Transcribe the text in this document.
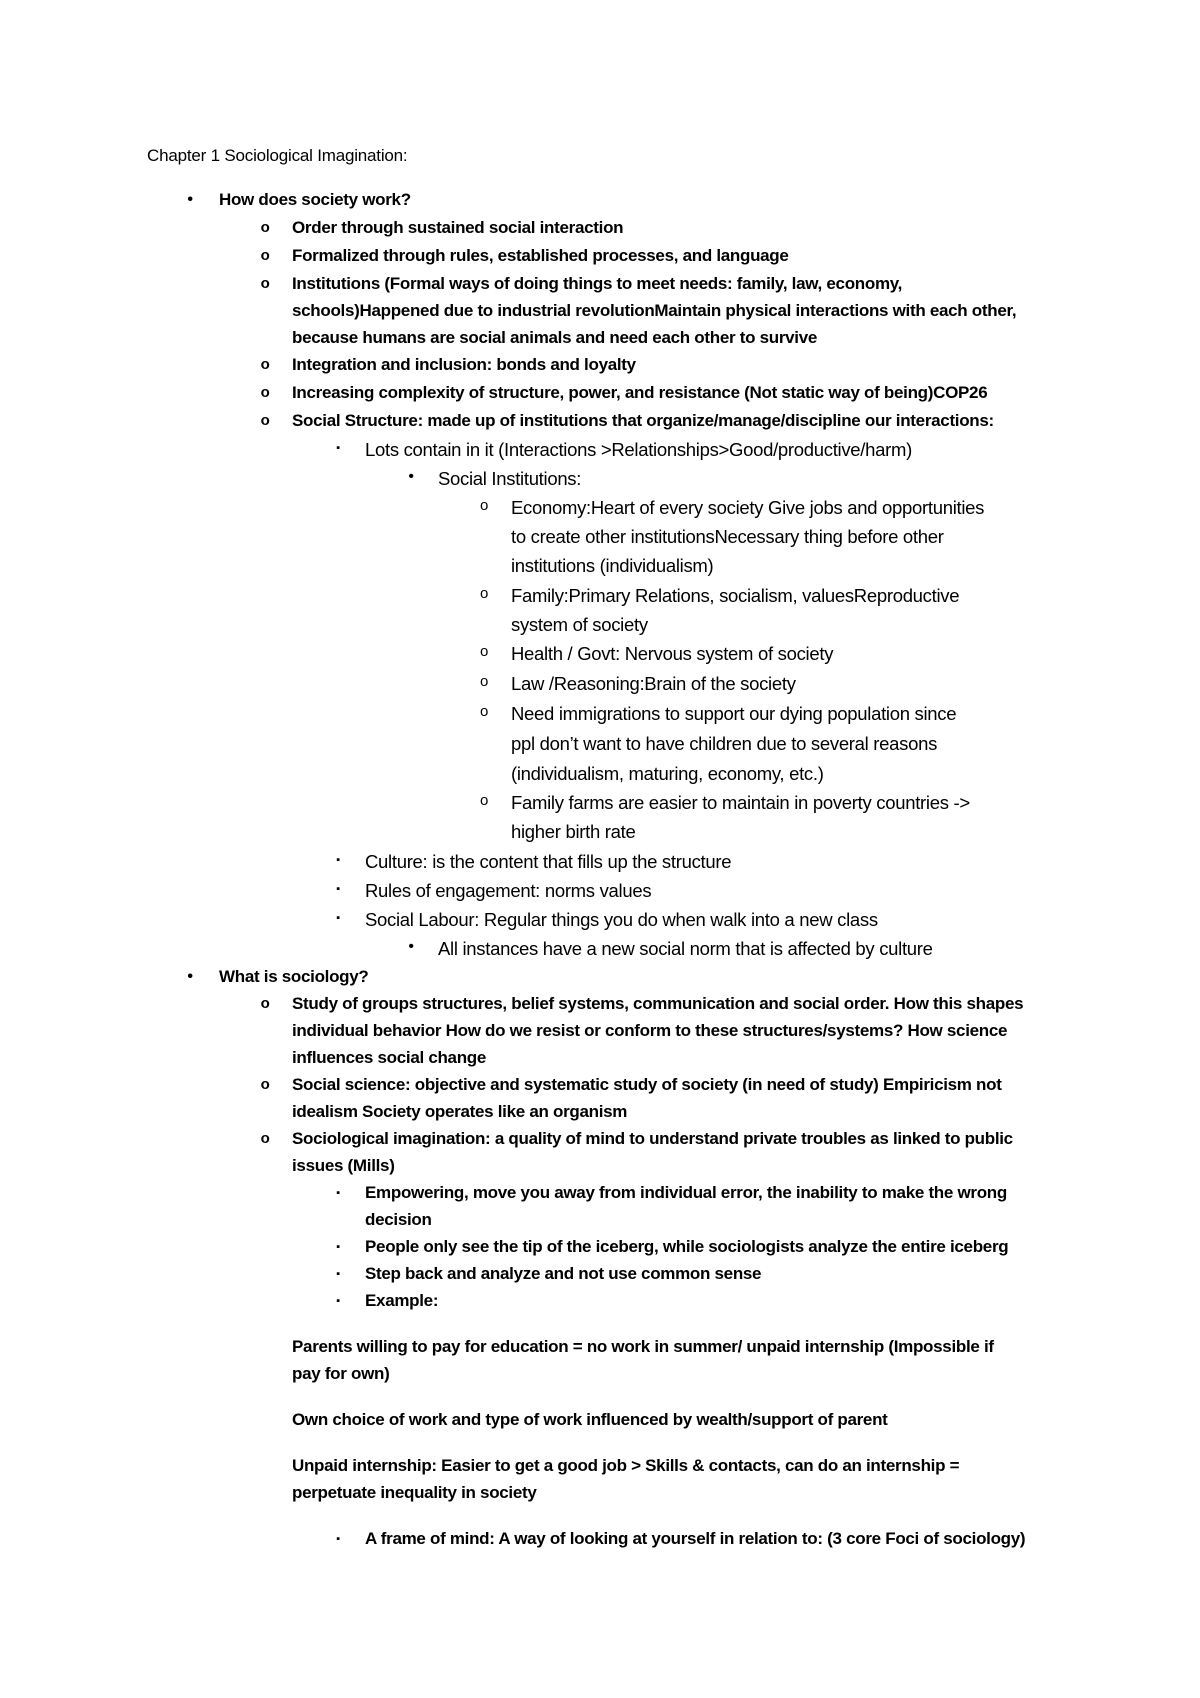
Chapter 1 Sociological Imagination:
How does society work?
•
Order through sustained social interaction
o
Formalized through rules, established processes, and language
o
Institutions (Formal ways of doing things to meet needs: family, law, economy,
o
schools)Happened due to industrial revolutionMaintain physical interactions with each other,
because humans are social animals and need each other to survive
Integration and inclusion: bonds and loyalty
o
Increasing complexity of structure, power, and resistance (Not static way of being)COP26
o
Social Structure: made up of institutions that organize/manage/discipline our interactions:
o
Lots contain in it (Interactions >Relationships>Good/productive/harm)
▪
Social Institutions:
•
Economy:Heart of every society Give jobs and opportunities
o
to create other institutionsNecessary thing before other
institutions (individualism)
Family:Primary Relations, socialism, valuesReproductive
o
system of society
Health / Govt: Nervous system of society
o
Law /Reasoning:Brain of the society
o
Need immigrations to support our dying population since
o
ppl don’t want to have children due to several reasons
(individualism, maturing, economy, etc.)
Family farms are easier to maintain in poverty countries ->
o
higher birth rate
Culture: is the content that fills up the structure
▪
Rules of engagement: norms values
▪
Social Labour: Regular things you do when walk into a new class
▪
All instances have a new social norm that is affected by culture
•
What is sociology?
•
Study of groups structures, belief systems, communication and social order. How this shapes
o
individual behavior How do we resist or conform to these structures/systems? How science
influences social change
Social science: objective and systematic study of society (in need of study) Empiricism not
o
idealism Society operates like an organism
Sociological imagination: a quality of mind to understand private troubles as linked to public
o
issues (Mills)
Empowering, move you away from individual error, the inability to make the wrong
▪
decision
People only see the tip of the iceberg, while sociologists analyze the entire iceberg
▪
Step back and analyze and not use common sense
▪
Example:
▪
Parents willing to pay for education = no work in summer/ unpaid internship (Impossible if
pay for own)
Own choice of work and type of work influenced by wealth/support of parent
Unpaid internship: Easier to get a good job > Skills & contacts, can do an internship =
perpetuate inequality in society
A frame of mind: A way of looking at yourself in relation to: (3 core Foci of sociology)
▪
